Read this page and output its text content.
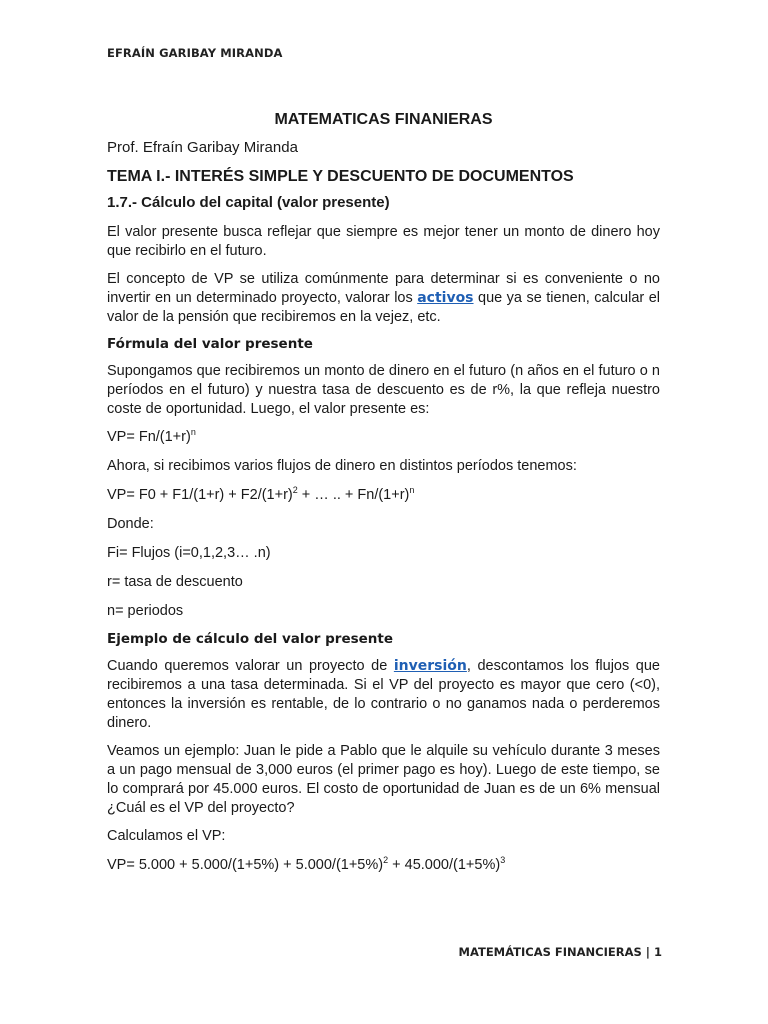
EFRAÍN GARIBAY MIRANDA
MATEMATICAS FINANIERAS
Prof. Efraín Garibay Miranda
TEMA I.- INTERÉS SIMPLE Y DESCUENTO DE DOCUMENTOS
1.7.- Cálculo del capital (valor presente)

El valor presente busca reflejar que siempre es mejor tener un monto de dinero hoy que recibirlo en el futuro.

El concepto de VP se utiliza comúnmente para determinar si es conveniente o no invertir en un determinado proyecto, valorar los activos que ya se tienen, calcular el valor de la pensión que recibiremos en la vejez, etc.

Fórmula del valor presente

Supongamos que recibiremos un monto de dinero en el futuro (n años en el futuro o n períodos en el futuro) y nuestra tasa de descuento es de r%, la que refleja nuestro coste de oportunidad. Luego, el valor presente es:

$VP= Fn/(1+r)^n$

Ahora, si recibimos varios flujos de dinero en distintos períodos tenemos:

$VP= F0 + F1/(1+r) + F2/(1+r)^2$ + … .. + $Fn/(1+r)^n$

Donde:

Fi= Flujos (i=0,1,2,3… .n)

r= tasa de descuento

n= periodos

Ejemplo de cálculo del valor presente

Cuando queremos valorar un proyecto de inversión, descontamos los flujos que recibiremos a una tasa determinada. Si el VP del proyecto es mayor que cero (<0), entonces la inversión es rentable, de lo contrario o no ganamos nada o perderemos dinero.

Veamos un ejemplo: Juan le pide a Pablo que le alquile su vehículo durante 3 meses a un pago mensual de 3,000 euros (el primer pago es hoy). Luego de este tiempo, se lo comprará por 45.000 euros. El costo de oportunidad de Juan es de un 6% mensual ¿Cuál es el VP del proyecto?

Calculamos el VP:

$VP= 5.000 + 5.000/(1+5\%) + 5.000/(1+5\%)^2 + 45.000/(1+5\%)^3$

MATEMÁTICAS FINANCIERAS | 1
